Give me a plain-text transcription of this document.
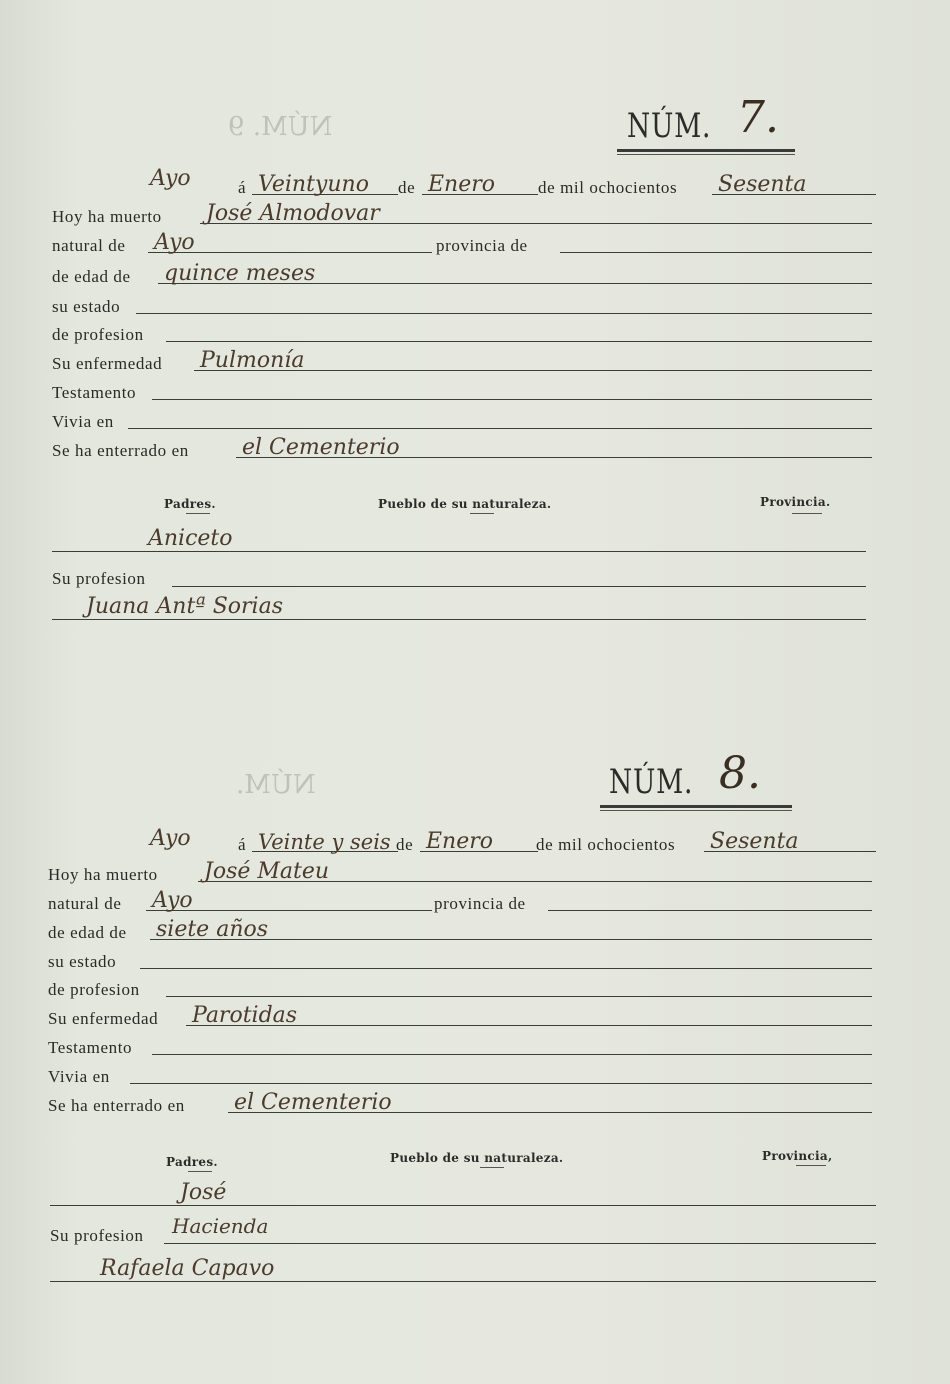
NÚM. 9
NÚM.
NÚM. 7.
Ayo	á Veintyuno	de Enero	de mil ochocientos Sesenta
Hoy ha muerto José Almodovar
natural de Ayo	provincia de
de edad de quince meses
su estado
de profesion
Su enfermedad Pulmonía
Testamento
Vivia en
Se ha enterrado en el Cementerio
Padres.	Pueblo de su naturaleza.	Provincia.
Aniceto
Su profesion
Juana Antª Sorias
NÚM. 8.
Ayo	á Veinte y seis de Enero	de mil ochocientos Sesenta
Hoy ha muerto José Mateu
natural de Ayo	provincia de
de edad de siete años
su estado
de profesion
Su enfermedad Parotidas
Testamento
Vivia en
Se ha enterrado en el Cementerio
Padres.	Pueblo de su naturaleza.	Provincia,
José
Su profesion Hacienda
Rafaela Capavo
